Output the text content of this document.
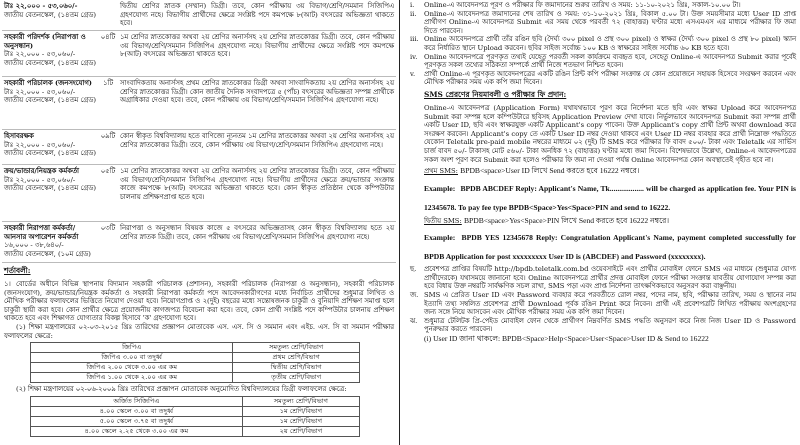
টাঃ ২২,০০০ - ৫৩,০৬০/-
জাতীয় বেতনস্কেল, (১৪তম গ্রেড)
দ্বিতীয় শ্রেণির স্নাতক (সম্মান) ডিগ্রী। তবে, কোন পরীক্ষায় ৩য় বিভাগ/শ্রেণি/সমমান সিজিপিএ গ্রহণযোগ্য নহে। বিভাগীয় প্রার্থীদের ক্ষেত্রে সংশ্লিষ্ট পদে কমপক্ষে ৮(আট) বৎসরের অভিজ্ঞতা থাকতে হবে।
সহকারী পরিদর্শক (নিরাপত্তা ও
অনুসন্ধান)
টাঃ ২২,০০০ - ৫৩,০৬০/-
জাতীয় বেতনস্কেল, (১৪তম গ্রেড)
০৪টি ১ম শ্রেণির স্নাতকোত্তর অথবা ২য় শ্রেণির অনার্সসহ ২য় শ্রেণির স্নাতকোত্তর ডিগ্রী। তবে, কোন পরীক্ষায় ৩য় বিভাগ/শ্রেণি/সমমান সিজিপিএ গ্রহণযোগ্য নহে। বিভাগীয় প্রার্থীদের ক্ষেত্রে সংশ্লিষ্ট পদে কমপক্ষে ৮(আট) বৎসরের অভিজ্ঞতা থাকতে হবে।
সহকারী পরিচালক (জনসংযোগ)
টাঃ ২২,০০০ - ৫৩,০৬০/-
জাতীয় বেতনস্কেল, (১৪তম গ্রেড)
১টি	সাংবাদিকতায় অনার্সসহ প্রথম শ্রেণির স্নাতকোত্তর ডিগ্রী অথবা সাংবাদিকতায় ২য় শ্রেণির অনার্সসহ ২য় শ্রেণির স্নাতকোত্তর ডিগ্রী। কোন জাতীয় দৈনিক সংবাদপত্রে ৫ (পাঁচ) বৎসরের অভিজ্ঞতা সম্পন্ন প্রার্থীকে অগ্রাধিকার দেওয়া হবে। তবে, কোন পরীক্ষায় ৩য় বিভাগ/শ্রেণি/সমমান সিজিপিএ গ্রহণযোগ্য নহে।
হিসাবরক্ষক
টাঃ ২২,০০০ - ৫৩,০৬০/-
জাতীয় বেতনস্কেল, (১৪তম গ্রেড)
০৯টি কোন স্বীকৃত বিশ্ববিদ্যালয় হতে বাণিজ্যে ন্যূনতম ১ম শ্রেণির স্নাতকোত্তর অথবা ২য় শ্রেণির অনার্সসহ ২য় শ্রেণির স্নাতকোত্তর ডিগ্রী। তবে, কোন পরীক্ষায় ৩য় বিভাগ/শ্রেণি/সমমান সিজিপিএ গ্রহণযোগ্য নহে।
ক্রয়/ভান্ডার/নিয়ন্ত্রক কর্মকর্তা
টাঃ ২২,০০০ - ৫৩,০৬০/-
জাতীয় বেতনস্কেল, (১৪তম গ্রেড)
০৫টি ১ম শ্রেণির স্নাতকোত্তর অথবা ২য় শ্রেণির অনার্সসহ ২য় শ্রেণির স্নাতকোত্তর ডিগ্রী। তবে, কোন পরীক্ষায় ৩য় বিভাগ/শ্রেণি/সমমান সিজিপিএ গ্রহণযোগ্য নহে। বিভাগীয় প্রার্থীদের ক্ষেত্রে ক্রয়/ভান্ডার সংক্রান্ত কাজে কমপক্ষে ৮(আট) বৎসরের অভিজ্ঞতা থাকতে হবে। কোন স্বীকৃত প্রতিষ্ঠান থেকে কম্পিউটার চালনায় প্রশিক্ষণপ্রাপ্ত হতে হবে।
সহকারী নিরাপত্তা কর্মকর্তা/
আনসার অপারেশন কর্মকর্তা
১৬,০০০ - ৩৮,৬৪০/-
জাতীয় বেতনস্কেল, (১০ম গ্রেড)
০৩টি নিরাপত্তা ও অনুসন্ধান বিষয়ক কাজে ৫ বৎসরের অভিজ্ঞতাসহ কোন স্বীকৃত বিশ্ববিদ্যালয় হতে ২য় শ্রেণির স্নাতক ডিগ্রী। তবে, কোন পরীক্ষায় ৩য় বিভাগ/শ্রেণি/সমমান সিজিপিএ গ্রহণযোগ্য নহে।
শর্তাবলী:
১। বোর্ডের অধীনে বিভিন্ন স্থাপনায় বিদ্যমান সহকারী পরিচালক (প্রশাসন), সহকারী পরিচালক (নিরাপত্তা ও অনুসন্ধান), সহকারী পরিচালক (জনসংযোগ), ক্রয়/ভান্ডার/নিয়ন্ত্রক কর্মকর্তা ও সহকারী নিরাপত্তা কর্মকর্তা পদে আবেদনকারীগণের মধ্যে নির্বাচিত প্রার্থীদের শুধুমাত্র লিখিত ও মৌখিক পরীক্ষার ফলাফলের ভিত্তিতে নিয়োগ দেওয়া হবে। নিয়োগপ্রাপ্ত ও ২(দুই) বছরের মধ্যে সন্তোষজনক চাকুরী ও বুনিয়াদি প্রশিক্ষণ সমাপ্ত হলে চাকুরী স্থায়ী করা হবে। কোন প্রার্থীর ক্ষেত্রে প্রয়োজনীয় কাগজপত্র বিবেচনা করা হবে। তবে, কোন প্রার্থী সংশ্লিষ্ট পদে কম্পিউটার চালনায় প্রশিক্ষণ থাকতে হবে এবং শিক্ষাগত যোগ্যতার বিকল্প হিসাবে 'ক' গ্রহণযোগ্য হবে।
(১) শিক্ষা মন্ত্রণালয়ের ০২-০৩-২০১৫ খ্রিঃ তারিখের প্রজ্ঞাপন মোতাবেক এস. এস. সি ও সমমান এবং এইচ. এস. সি বা সমমান পরীক্ষার ফলাফলের ক্ষেত্রে:
জিপিএ	সমতুল্য শ্রেণি/বিভাগ
জিপিএ ৩.০০ বা তদুর্ধ্ব	প্রথম শ্রেণি/বিভাগ
জিপিএ ২.০০ থেকে ৩.০০ এর কম	দ্বিতীয় শ্রেণি/বিভাগ
জিপিএ ১.০০ থেকে ২.০০ এর কম	তৃতীয় শ্রেণি/বিভাগ
(২) শিক্ষা মন্ত্রণালয়ের ০২-০৬-২০০৯ খ্রিঃ তারিখের প্রজ্ঞাপন মোতাবেক অনুমোদিত বিশ্ববিদ্যালয়ের ডিগ্রী ফলাফলের ক্ষেত্রে:
অর্জিত সিজিপিএ	সমতুল্য শ্রেণি/বিভাগ
৪.০০ স্কেলে ৩.০০ বা তদুর্ধ্ব	১ম শ্রেণি/বিভাগ
৫.০০ স্কেলে ৩.৭৫ বা তদুর্ধ্ব	১ম শ্রেণি/বিভাগ
৪.০০ স্কেলে ২.২৫ থেকে ৩.০০ এর কম	২য় শ্রেণি/বিভাগ
i. Online-এ আবেদনপত্র পূরণ ও পরীক্ষার ফি জমাদানের শুরুর তারিখ ও সময়: ১১-১০-২০২১ খ্রিঃ, সকাল-১০.০০ টা।
ii. Online-এ আবেদনপত্র জমাদানের শেষ তারিখ ও সময়: ৩১-১০-২০২১ খ্রিঃ, বিকাল ৫.০০ টা। উক্ত সময়সীমার মধ্যে User ID প্রাপ্ত প্রার্থীগণ Online-এ আবেদনপত্র Submit এর সময় থেকে পরবর্তী ৭২ (বাহাত্তর) ঘণ্টার মধ্যে এসএমএস এর মাধ্যমে পরীক্ষার ফি জমা দিতে পারবেন।
iii. Online আবেদনপত্রে প্রার্থী তাঁর রঙিন ছবি (দৈর্ঘ্য ৩০০ pixel ও প্রস্থ ৩০০ pixel) ও স্বাক্ষর (দৈর্ঘ্য ৩০০ pixel ও প্রস্থ ৮০ pixel) স্ক্যান করে নির্ধারিত স্থানে Upload করবেন। ছবির সাইজ সর্বোচ্চ ১০০ KB ও স্বাক্ষরের সাইজ সর্বোচ্চ ৬০ KB হতে হবে।
iv. Online আবেদনপত্রে পূরণকৃত তথ্যই যেহেতু পরবর্তী সকল কার্যক্রমে ব্যবহৃত হবে, সেহেতু Online-এ আবেদনপত্র Submit করার পূর্বেই পূরণকৃত সকল তথ্যের সঠিকতা সম্পর্কে প্রার্থী নিজে শতভাগ নিশ্চিত হবেন।
v. প্রার্থী Online-এ পূরণকৃত আবেদনপত্রের একটি রঙিন প্রিন্ট কপি পরীক্ষা সংক্রান্ত যে কোন প্রয়োজনে সহায়ক হিসেবে সংরক্ষণ করবেন এবং মৌখিক পরীক্ষার সময় এক কপি জমা দিবেন।
SMS প্রেরণের নিয়মাবলী ও পরীক্ষার ফি প্রদান:
Online-এ আবেদনপত্র (Application Form) যথাযথভাবে পূরণ করে নির্দেশনা মতে ছবি এবং স্বাক্ষর Upload করে আবেদনপত্র Submit করা সম্পন্ন হলে কম্পিউটারে ছবিসহ Application Preview দেখা যাবে। নির্ভুলভাবে আবেদনপত্র Submit করা সম্পন্ন প্রার্থী একটি User ID, ছবি এবং স্বাক্ষরযুক্ত একটি Applicant's copy পাবেন। উক্ত Applicant's copy প্রার্থী প্রিন্ট অথবা download করে সংরক্ষণ করবেন। Applicant's copy তে একটি User ID নম্বর দেওয়া থাকবে এবং User ID নম্বর ব্যবহার করে প্রার্থী নিম্নোক্ত পদ্ধতিতে যেকোন Teletalk pre-paid mobile নম্বরের মাধ্যমে ০২ (দুই) টি SMS করে পরীক্ষার ফি বাবদ ৫০০/- টাকা এবং Teletalk এর সার্ভিস চার্জ বাবদ ৫০/- টাকাসহ মোট ৫৬০/- টাকা অনধিক ৭২ (বাহাত্তর) ঘণ্টার মধ্যে জমা দিবেন। বিশেষভাবে উল্লেখ্য, Online-এ আবেদনপত্রের সকল অংশ পূরণ করে Submit করা হলেও পরীক্ষার ফি জমা না দেওয়া পর্যন্ত Online আবেদনপত্র কোন অবস্থাতেই গৃহীত হবে না।
প্রথম SMS: BPDB<space>User ID লিখে Send করতে হবে 16222 নম্বরে।
Example: BPDB ABCDEF Reply: Applicant's Name, Tk.................. will be charged as application fee. Your PIN is 12345678. To pay fee type BPDB<Space>Yes<Space>PIN and send to 16222.
দ্বিতীয় SMS: BPDB<space>Yes<Space>PIN লিখে Send করতে হবে 16222 নম্বরে।
Example: BPDB YES 12345678 Reply: Congratulation Applicant's Name, payment completed successfully for BPDB Application for post xxxxxxxxx User ID is (ABCDEF) and Password (xxxxxxxx).
ছ. প্রবেশপত্র প্রাপ্তির বিষয়টি http://bpdb.teletalk.com.bd ওয়েবসাইটে এবং প্রার্থীর মোবাইল ফোনে SMS এর মাধ্যমে (শুধুমাত্র যোগ্য প্রার্থীদেরকে) যথাসময়ে জানানো হবে। Online আবেদনপত্রে প্রার্থীর প্রদত্ত মোবাইল ফোনে পরীক্ষা সংক্রান্ত যাবতীয় যোগাযোগ সম্পন্ন করা হবে বিধায় উক্ত নম্বরটি সার্বক্ষণিক সচল রাখা, SMS পড়া এবং প্রাপ্ত নির্দেশনা তাৎক্ষণিকভাবে অনুসরণ করা বাঞ্ছনীয়।
জ. SMS এ প্রেরিত User ID এবং Password ব্যবহার করে পরবর্তীতে রোল নম্বর, পদের নাম, ছবি, পরীক্ষার তারিখ, সময় ও স্থানের নাম ইত্যাদি তথ্য সম্বলিত প্রবেশপত্র প্রার্থী Download পূর্বক রঙিন Print করে নিবেন। প্রার্থী এই প্রবেশপত্রটি লিখিত পরীক্ষায় অংশগ্রহণের জন্য সঙ্গে নিয়ে আসবেন এবং মৌখিক পরীক্ষার সময় এক কপি জমা দিবেন।
ঝ. শুধুমাত্র টেলিটক প্রি-পেইড মোবাইল ফোন থেকে প্রার্থীগণ নিম্নবর্ণিত SMS পদ্ধতি অনুসরণ করে নিজ নিজ User ID ও Password পুনরুদ্ধার করতে পারবেন।
(i) User ID জানা থাকলে: BPDB<Space>Help<Space>User<Space>User ID & Send to 16222
